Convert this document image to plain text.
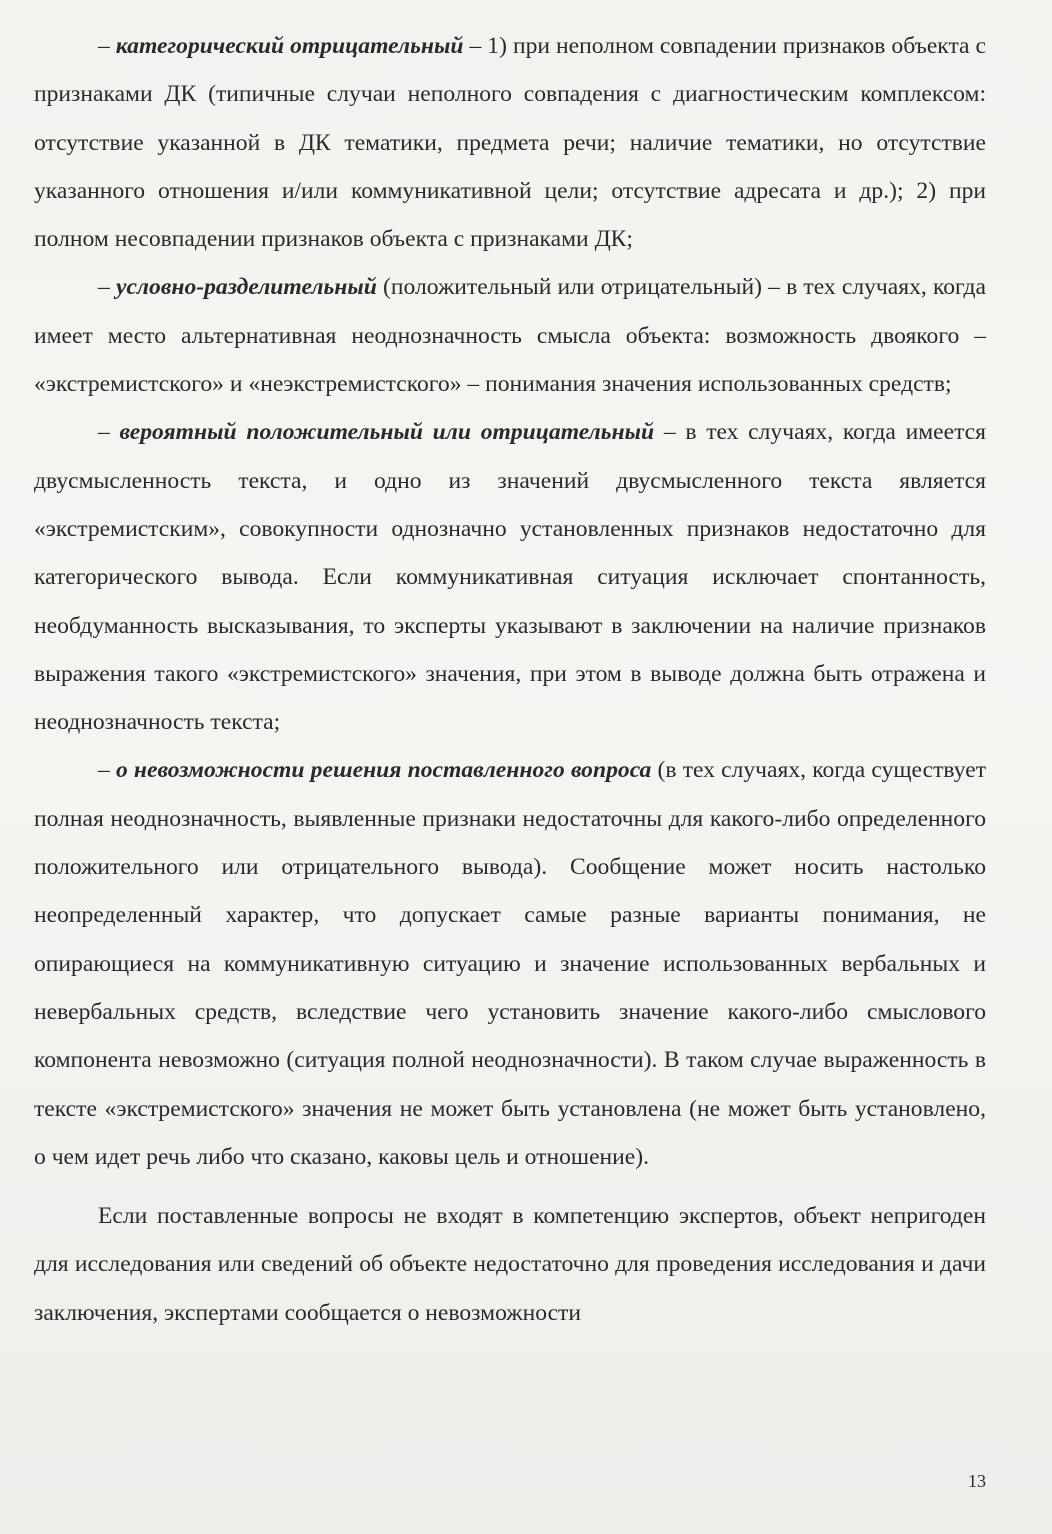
– категорический отрицательный – 1) при неполном совпадении признаков объекта с признаками ДК (типичные случаи неполного совпадения с диагностическим комплексом: отсутствие указанной в ДК тематики, предмета речи; наличие тематики, но отсутствие указанного отношения и/или коммуникативной цели; отсутствие адресата и др.); 2) при полном несовпадении признаков объекта с признаками ДК;

– условно-разделительный (положительный или отрицательный) – в тех случаях, когда имеет место альтернативная неоднозначность смысла объекта: возможность двоякого – «экстремистского» и «неэкстремистского» – понимания значения использованных средств;

– вероятный положительный или отрицательный – в тех случаях, когда имеется двусмысленность текста, и одно из значений двусмысленного текста является «экстремистским», совокупности однозначно установленных признаков недостаточно для категорического вывода. Если коммуникативная ситуация исключает спонтанность, необдуманность высказывания, то эксперты указывают в заключении на наличие признаков выражения такого «экстремистского» значения, при этом в выводе должна быть отражена и неоднозначность текста;

– о невозможности решения поставленного вопроса (в тех случаях, когда существует полная неоднозначность, выявленные признаки недостаточны для какого-либо определенного положительного или отрицательного вывода). Сообщение может носить настолько неопределенный характер, что допускает самые разные варианты понимания, не опирающиеся на коммуникативную ситуацию и значение использованных вербальных и невербальных средств, вследствие чего установить значение какого-либо смыслового компонента невозможно (ситуация полной неоднозначности). В таком случае выраженность в тексте «экстремистского» значения не может быть установлена (не может быть установлено, о чем идет речь либо что сказано, каковы цель и отношение).

Если поставленные вопросы не входят в компетенцию экспертов, объект непригоден для исследования или сведений об объекте недостаточно для проведения исследования и дачи заключения, экспертами сообщается о невозможности

13
